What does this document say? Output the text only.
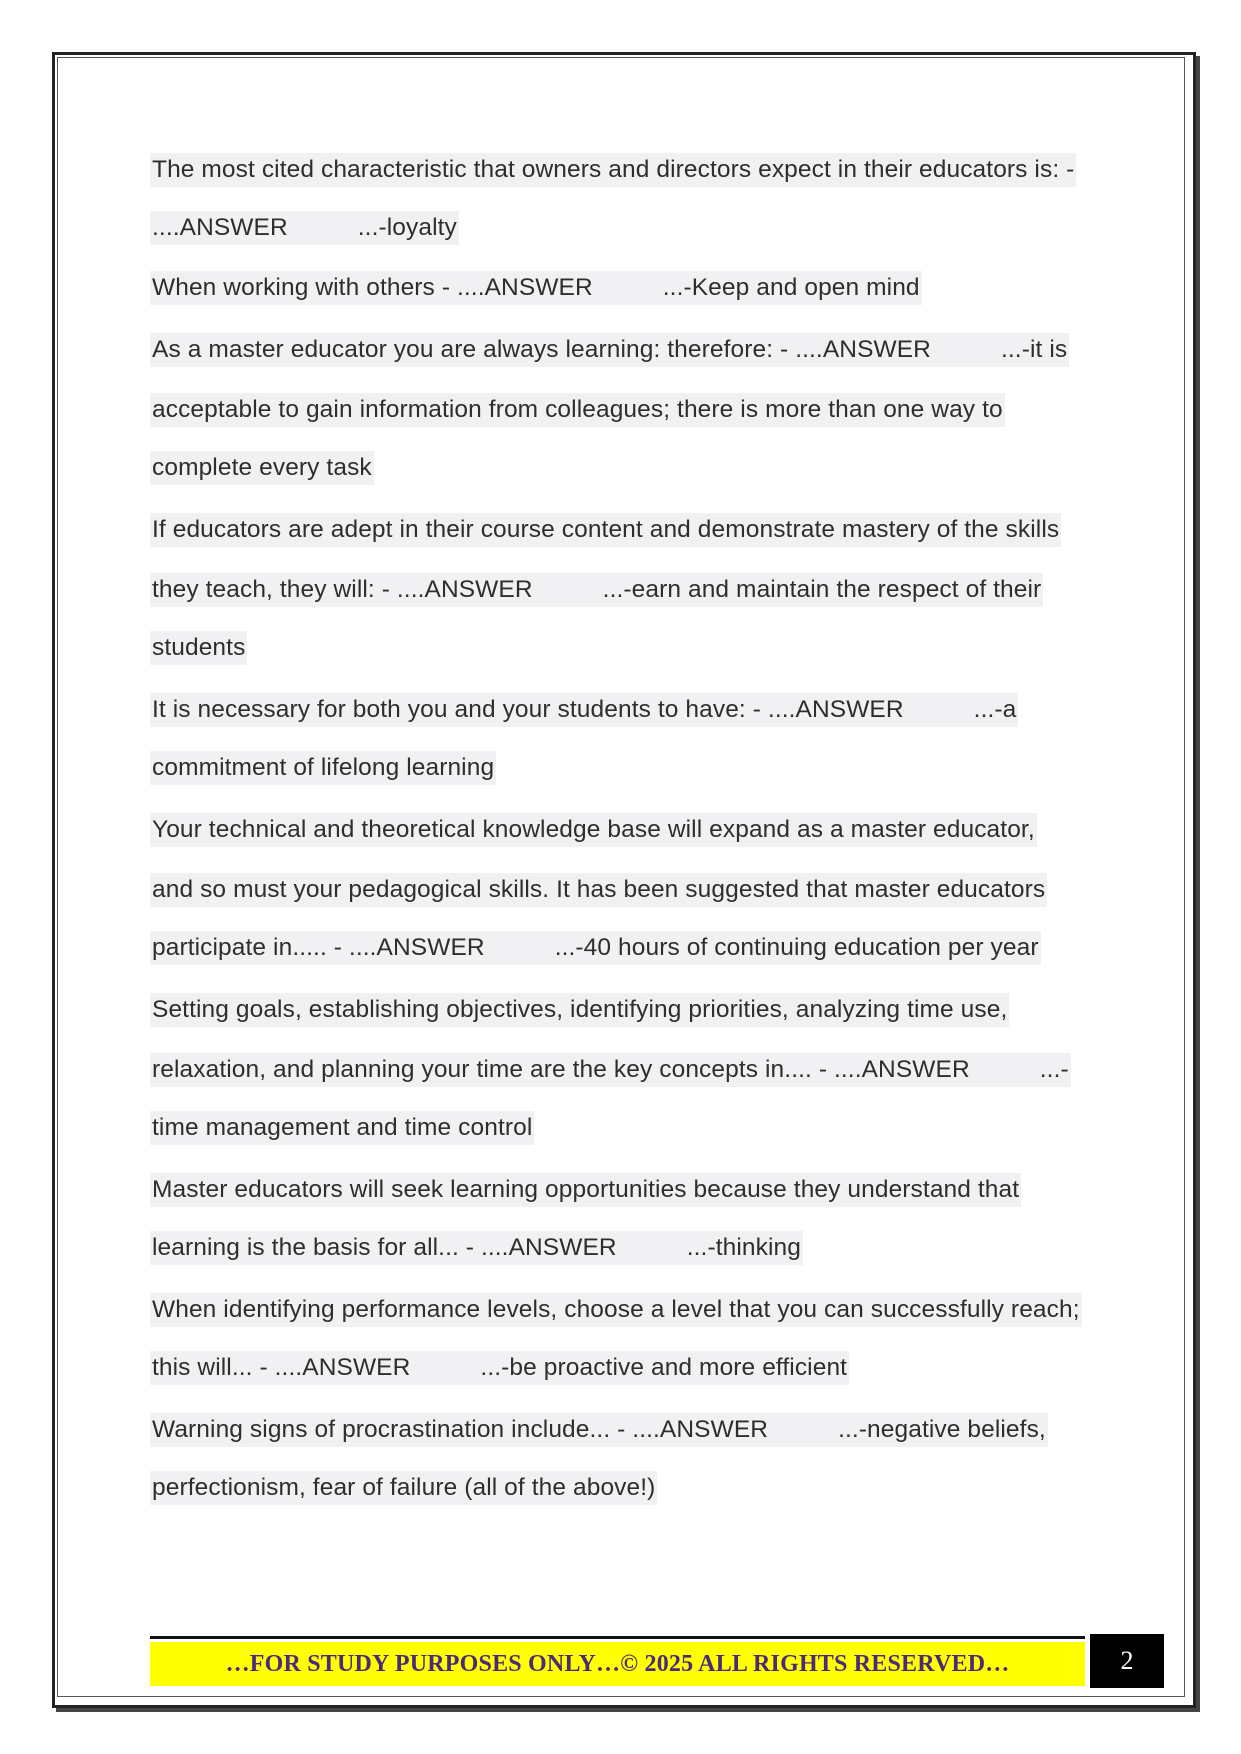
The most cited characteristic that owners and directors expect in their educators is: -
....ANSWER	...-loyalty
When working with others - ....ANSWER	...-Keep and open mind
As a master educator you are always learning: therefore: - ....ANSWER	...-it is
acceptable to gain information from colleagues; there is more than one way to
complete every task
If educators are adept in their course content and demonstrate mastery of the skills
they teach, they will: - ....ANSWER	...-earn and maintain the respect of their
students
It is necessary for both you and your students to have: - ....ANSWER	...-a
commitment of lifelong learning
Your technical and theoretical knowledge base will expand as a master educator,
and so must your pedagogical skills. It has been suggested that master educators
participate in..... - ....ANSWER	...-40 hours of continuing education per year
Setting goals, establishing objectives, identifying priorities, analyzing time use,
relaxation, and planning your time are the key concepts in.... - ....ANSWER	...-
time management and time control
Master educators will seek learning opportunities because they understand that
learning is the basis for all... - ....ANSWER	...-thinking
When identifying performance levels, choose a level that you can successfully reach;
this will... - ....ANSWER	...-be proactive and more efficient
Warning signs of procrastination include... - ....ANSWER	...-negative beliefs,
perfectionism, fear of failure (all of the above!)
…FOR STUDY PURPOSES ONLY…© 2025 ALL RIGHTS RESERVED…	2
